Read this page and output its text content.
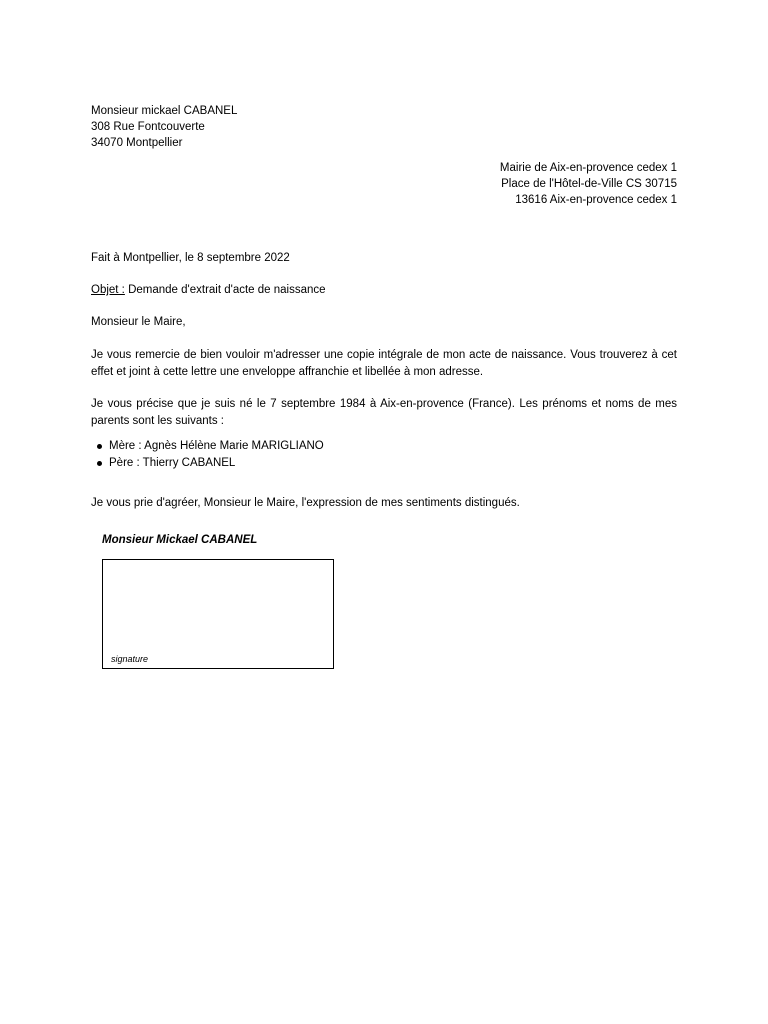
Monsieur mickael CABANEL
308 Rue Fontcouverte
34070 Montpellier
Mairie de Aix-en-provence cedex 1
Place de l'Hôtel-de-Ville CS 30715
13616 Aix-en-provence cedex 1
Fait à Montpellier, le 8 septembre 2022
Objet : Demande d'extrait d'acte de naissance
Monsieur le Maire,
Je vous remercie de bien vouloir m'adresser une copie intégrale de mon acte de naissance. Vous trouverez à cet effet et joint à cette lettre une enveloppe affranchie et libellée à mon adresse.
Je vous précise que je suis né le 7 septembre 1984 à Aix-en-provence (France). Les prénoms et noms de mes parents sont les suivants :
Mère : Agnès Hélène Marie MARIGLIANO
Père : Thierry CABANEL
Je vous prie d'agréer, Monsieur le Maire, l'expression de mes sentiments distingués.
Monsieur Mickael CABANEL
signature
